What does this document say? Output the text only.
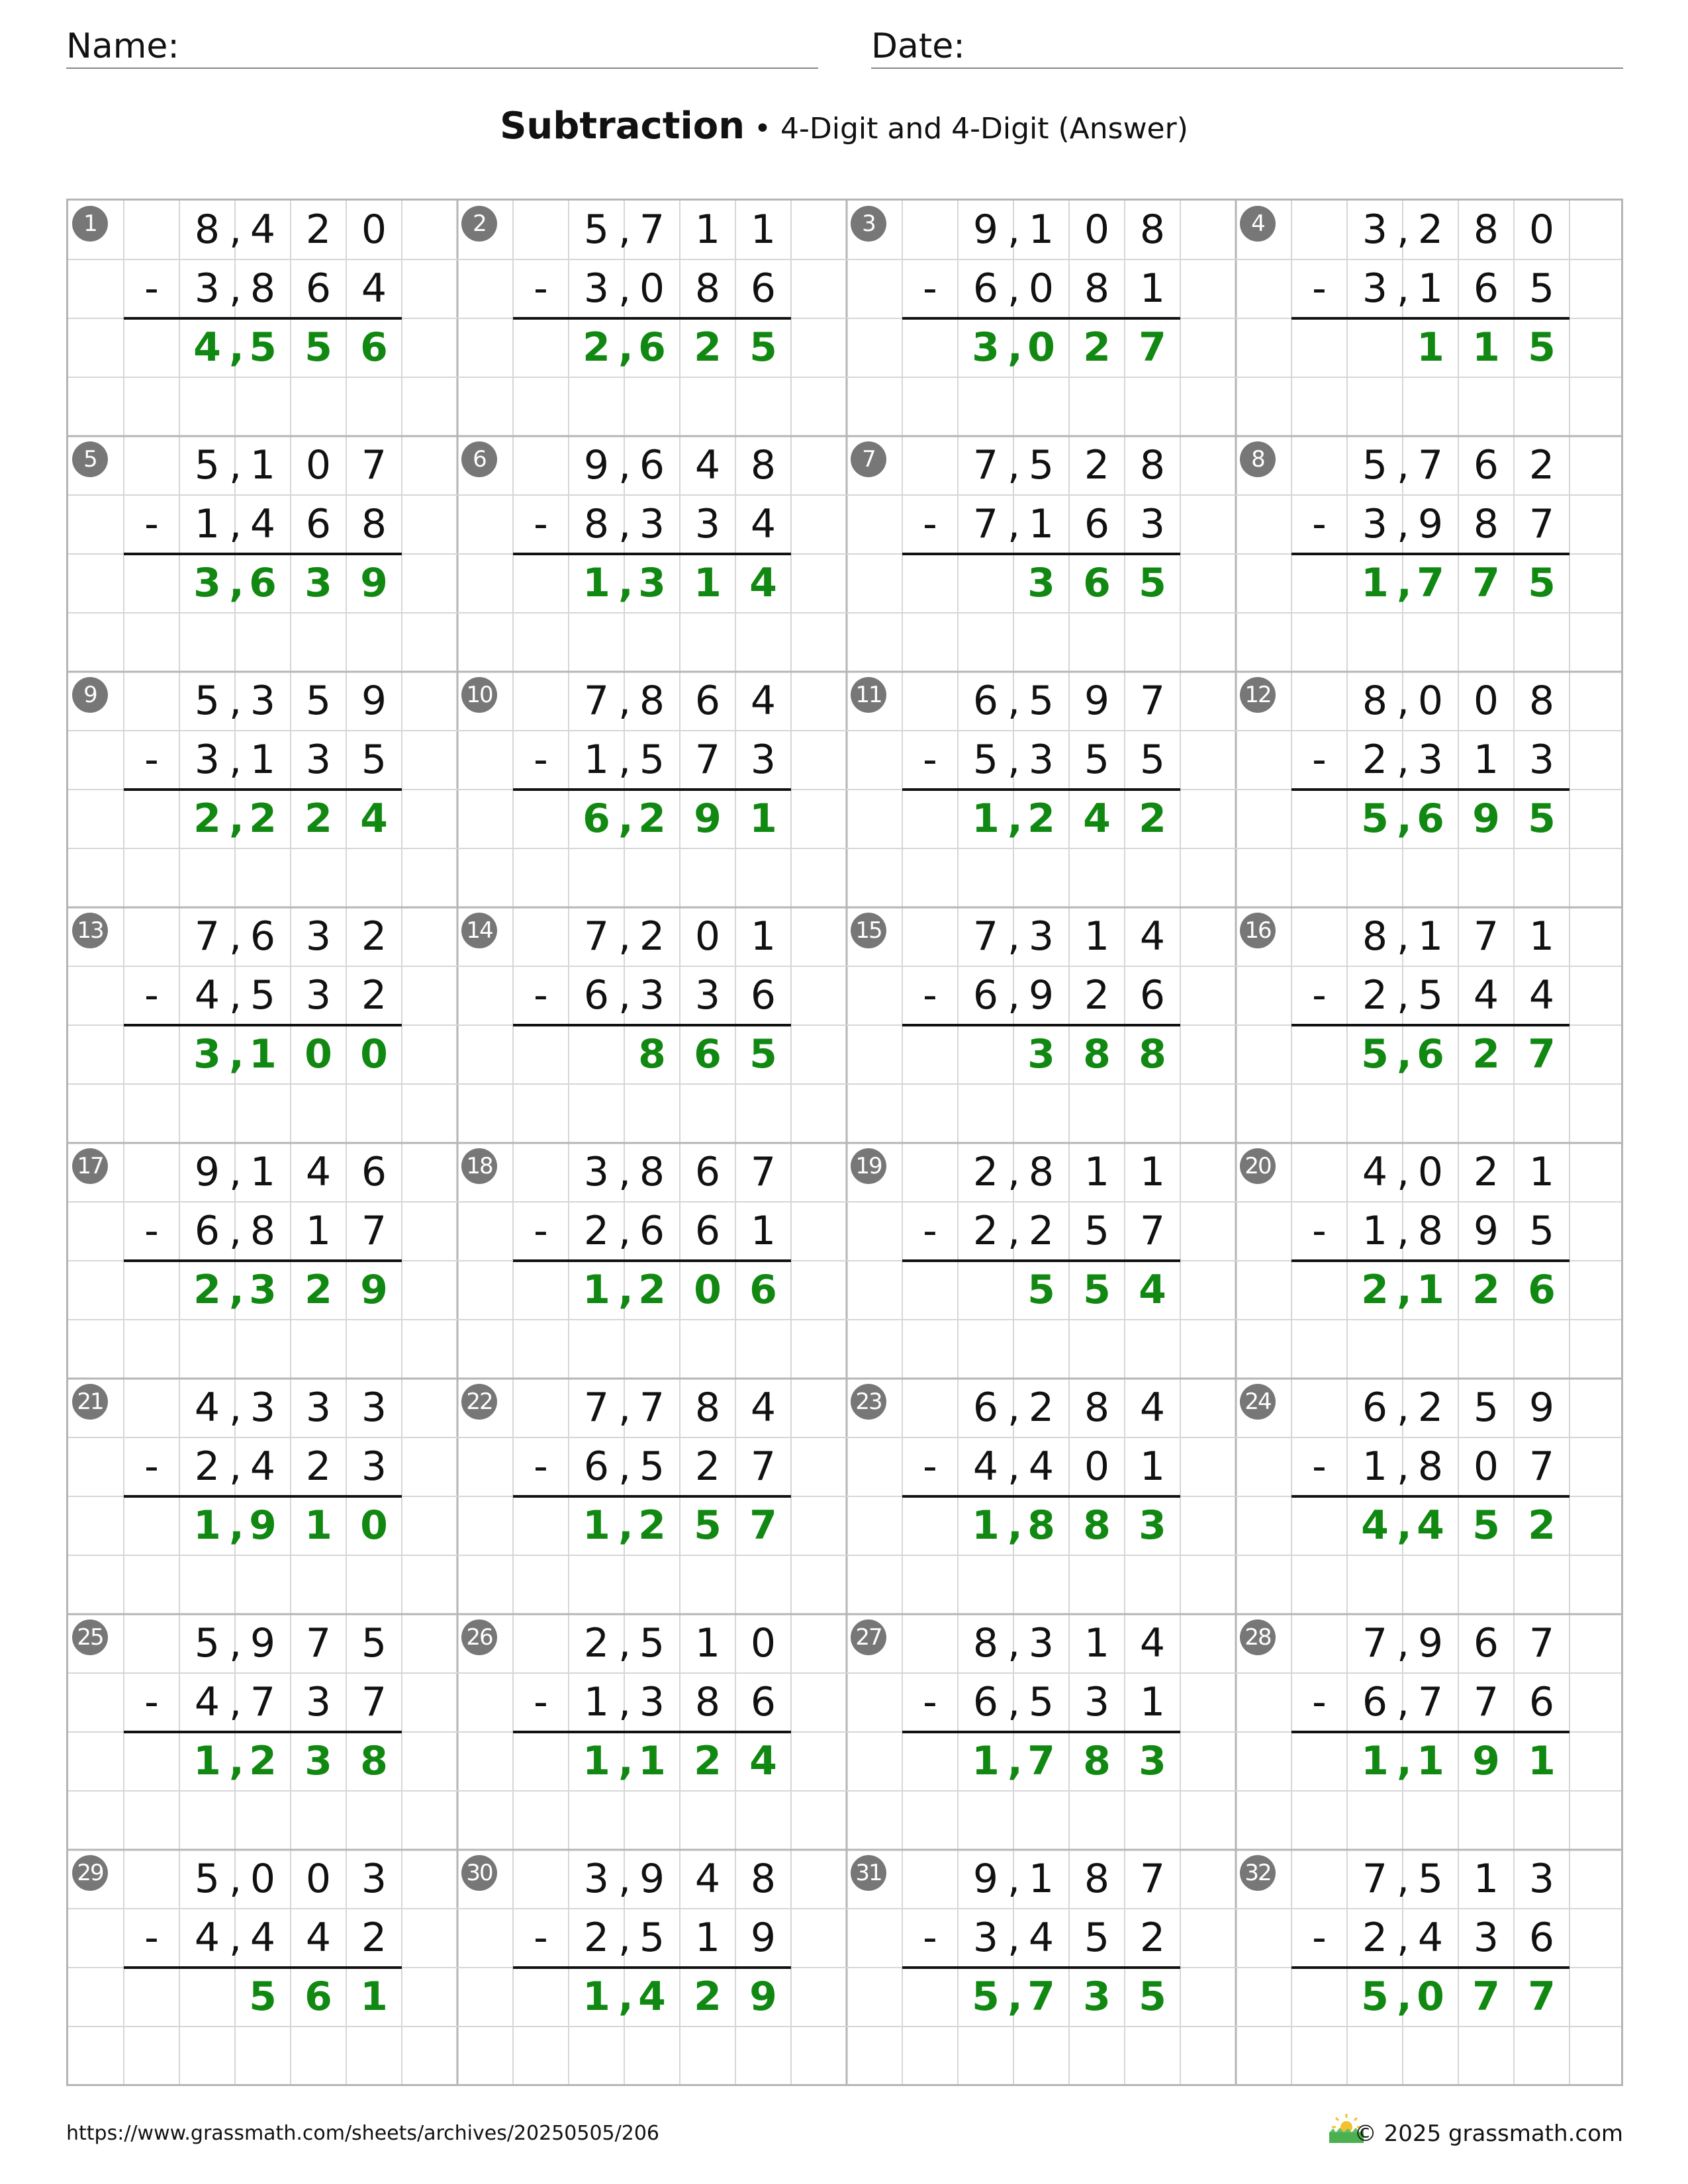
Name:	Date:
Subtraction • 4-Digit and 4-Digit (Answer)
1	8 4 2 0
,
- 3 8 6 4
,
4 5 5 6
,
2	5 7 1 1
,
- 3 0 8 6
,
2 6 2 5
,
3	9 1 0 8
,
- 6 0 8 1
,
3 0 2 7
,
4	3 2 8 0
,
- 3 1 6 5
,
1 1 5
5	5 1 0 7
,
- 1 4 6 8
,
3 6 3 9
,
6	9 6 4 8
,
- 8 3 3 4
,
1 3 1 4
,
7	7 5 2 8
,
- 7 1 6 3
,
3 6 5
8	5 7 6 2
,
- 3 9 8 7
,
1 7 7 5
,
9	5 3 5 9
,
- 3 1 3 5
,
2 2 2 4
,
10	7 8 6 4
,
- 1 5 7 3
,
6 2 9 1
,
11	6 5 9 7
,
- 5 3 5 5
,
1 2 4 2
,
12	8 0 0 8
,
- 2 3 1 3
,
5 6 9 5
,
13	7 6 3 2
,
- 4 5 3 2
,
3 1 0 0
,
14	7 2 0 1
,
- 6 3 3 6
,
8 6 5
15	7 3 1 4
,
- 6 9 2 6
,
3 8 8
16	8 1 7 1
,
- 2 5 4 4
,
5 6 2 7
,
17	9 1 4 6
,
- 6 8 1 7
,
2 3 2 9
,
18	3 8 6 7
,
- 2 6 6 1
,
1 2 0 6
,
19	2 8 1 1
,
- 2 2 5 7
,
5 5 4
20	4 0 2 1
,
- 1 8 9 5
,
2 1 2 6
,
21	4 3 3 3
,
- 2 4 2 3
,
1 9 1 0
,
22	7 7 8 4
,
- 6 5 2 7
,
1 2 5 7
,
23	6 2 8 4
,
- 4 4 0 1
,
1 8 8 3
,
24	6 2 5 9
,
- 1 8 0 7
,
4 4 5 2
,
25	5 9 7 5
,
- 4 7 3 7
,
1 2 3 8
,
26	2 5 1 0
,
- 1 3 8 6
,
1 1 2 4
,
27	8 3 1 4
,
- 6 5 3 1
,
1 7 8 3
,
28	7 9 6 7
,
- 6 7 7 6
,
1 1 9 1
,
29	5 0 0 3
,
- 4 4 4 2
,
5 6 1
30	3 9 4 8
,
- 2 5 1 9
,
1 4 2 9
,
31	9 1 8 7
,
- 3 4 5 2
,
5 7 3 5
,
32	7 5 1 3
,
- 2 4 3 6
,
5 0 7 7
,
https://www.grassmath.com/sheets/archives/20250505/206	© 2025 grassmath.com
